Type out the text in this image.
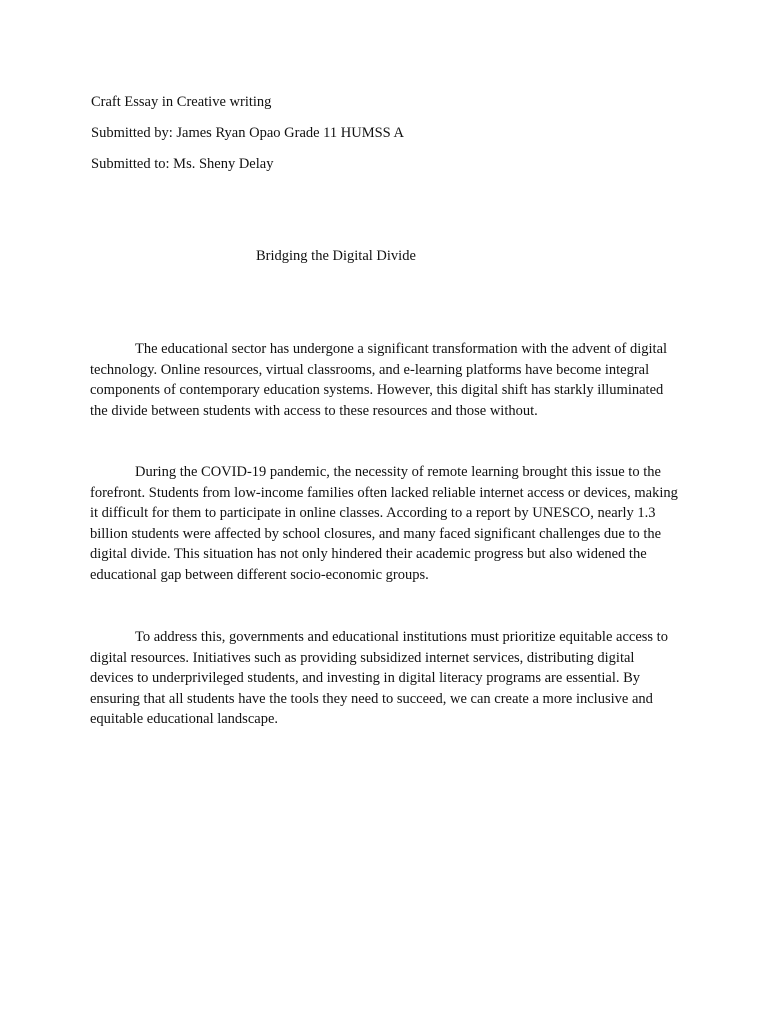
Craft Essay in Creative writing
Submitted by: James Ryan Opao Grade 11 HUMSS A
Submitted to: Ms. Sheny Delay
Bridging the Digital Divide

The educational sector has undergone a significant transformation with the advent of digital technology. Online resources, virtual classrooms, and e-learning platforms have become integral components of contemporary education systems. However, this digital shift has starkly illuminated the divide between students with access to these resources and those without.

During the COVID-19 pandemic, the necessity of remote learning brought this issue to the forefront. Students from low-income families often lacked reliable internet access or devices, making it difficult for them to participate in online classes. According to a report by UNESCO, nearly 1.3 billion students were affected by school closures, and many faced significant challenges due to the digital divide. This situation has not only hindered their academic progress but also widened the educational gap between different socio-economic groups.

To address this, governments and educational institutions must prioritize equitable access to digital resources. Initiatives such as providing subsidized internet services, distributing digital devices to underprivileged students, and investing in digital literacy programs are essential. By ensuring that all students have the tools they need to succeed, we can create a more inclusive and equitable educational landscape.
